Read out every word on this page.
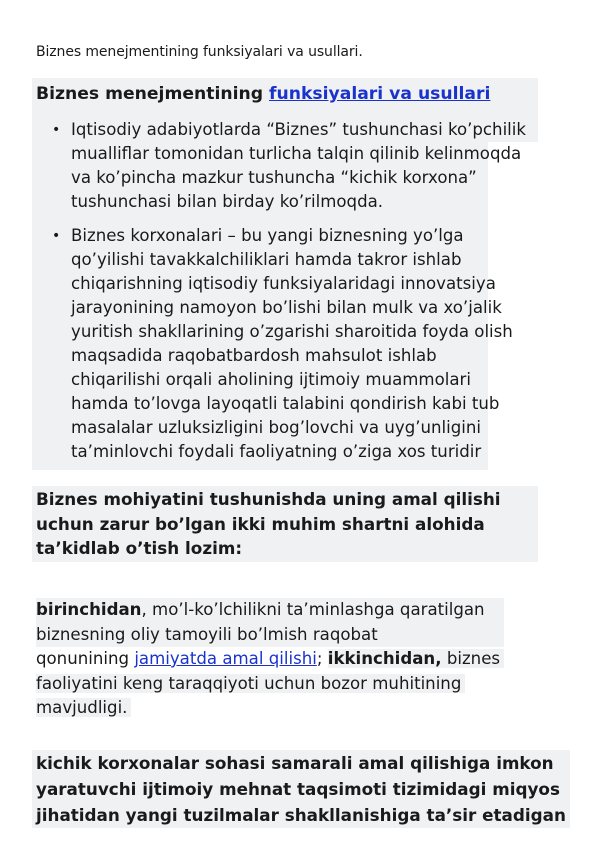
Biznes menejmentining funksiyalari va usullari.
Biznes menejmentining funksiyalari va usullari
• Iqtisodiy adabiyotlarda “Biznes” tushunchasi ko’pchilik
mualliflar tomonidan turlicha talqin qilinib kelinmoqda
va ko’pincha mazkur tushuncha “kichik korxona”
tushunchasi bilan birday ko’rilmoqda.
• Biznes korxonalari – bu yangi biznesning yo’lga
qo’yilishi tavakkalchiliklari hamda takror ishlab
chiqarishning iqtisodiy funksiyalaridagi innovatsiya
jarayonining namoyon bo’lishi bilan mulk va xo’jalik
yuritish shakllarining o’zgarishi sharoitida foyda olish
maqsadida raqobatbardosh mahsulot ishlab
chiqarilishi orqali aholining ijtimoiy muammolari
hamda to’lovga layoqatli talabini qondirish kabi tub
masalalar uzluksizligini bog’lovchi va uyg’unligini
ta’minlovchi foydali faoliyatning o’ziga xos turidir
Biznes mohiyatini tushunishda uning amal qilishi
uchun zarur bo’lgan ikki muhim shartni alohida
ta’kidlab o’tish lozim:
birinchidan, mo’l-ko’lchilikni ta’minlashga qaratilgan
biznesning oliy tamoyili bo’lmish raqobat
qonunining jamiyatda amal qilishi; ikkinchidan, biznes
faoliyatini keng taraqqiyoti uchun bozor muhitining
mavjudligi.
kichik korxonalar sohasi samarali amal qilishiga imkon
yaratuvchi ijtimoiy mehnat taqsimoti tizimidagi miqyos
jihatidan yangi tuzilmalar shakllanishiga ta’sir etadigan
